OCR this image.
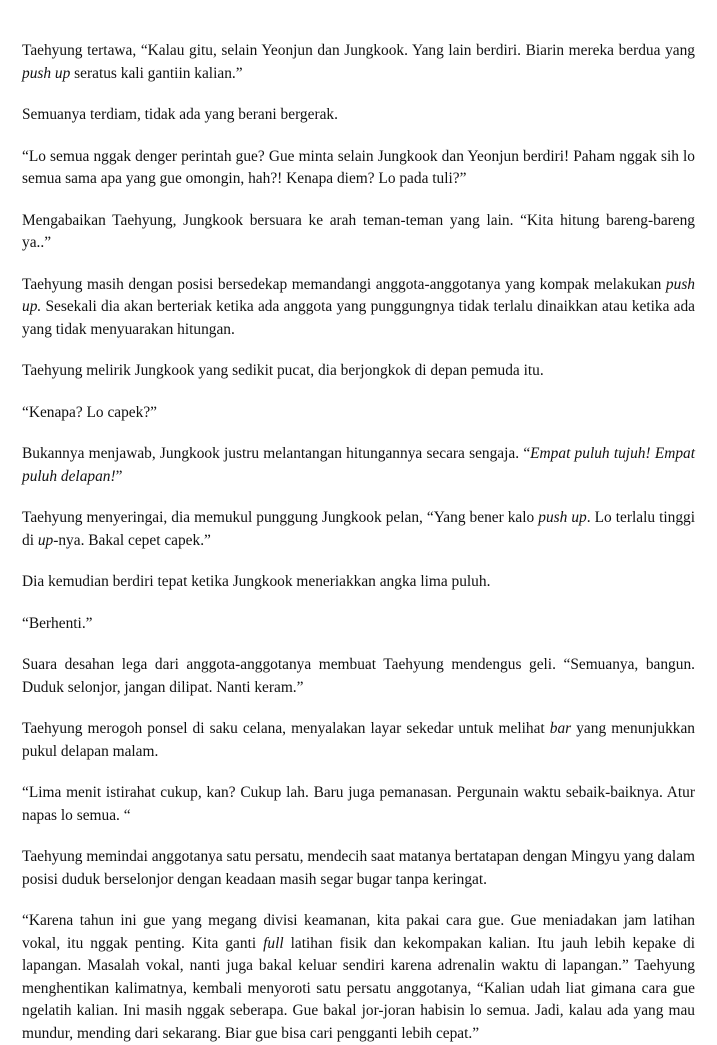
Taehyung tertawa, “Kalau gitu, selain Yeonjun dan Jungkook. Yang lain berdiri. Biarin mereka berdua yang push up seratus kali gantiin kalian.”

Semuanya terdiam, tidak ada yang berani bergerak.

“Lo semua nggak denger perintah gue? Gue minta selain Jungkook dan Yeonjun berdiri! Paham nggak sih lo semua sama apa yang gue omongin, hah?! Kenapa diem? Lo pada tuli?”

Mengabaikan Taehyung, Jungkook bersuara ke arah teman-teman yang lain. “Kita hitung bareng-bareng ya..”

Taehyung masih dengan posisi bersedekap memandangi anggota-anggotanya yang kompak melakukan push up. Sesekali dia akan berteriak ketika ada anggota yang punggungnya tidak terlalu dinaikkan atau ketika ada yang tidak menyuarakan hitungan.

Taehyung melirik Jungkook yang sedikit pucat, dia berjongkok di depan pemuda itu.

“Kenapa? Lo capek?”

Bukannya menjawab, Jungkook justru melantangan hitungannya secara sengaja. “Empat puluh tujuh! Empat puluh delapan!”

Taehyung menyeringai, dia memukul punggung Jungkook pelan, “Yang bener kalo push up. Lo terlalu tinggi di up-nya. Bakal cepet capek.”

Dia kemudian berdiri tepat ketika Jungkook meneriakkan angka lima puluh.

“Berhenti.”

Suara desahan lega dari anggota-anggotanya membuat Taehyung mendengus geli. “Semuanya, bangun. Duduk selonjor, jangan dilipat. Nanti keram.”

Taehyung merogoh ponsel di saku celana, menyalakan layar sekedar untuk melihat bar yang menunjukkan pukul delapan malam.

“Lima menit istirahat cukup, kan? Cukup lah. Baru juga pemanasan. Pergunain waktu sebaik-baiknya. Atur napas lo semua. “

Taehyung memindai anggotanya satu persatu, mendecih saat matanya bertatapan dengan Mingyu yang dalam posisi duduk berselonjor dengan keadaan masih segar bugar tanpa keringat.

“Karena tahun ini gue yang megang divisi keamanan, kita pakai cara gue. Gue meniadakan jam latihan vokal, itu nggak penting. Kita ganti full latihan fisik dan kekompakan kalian. Itu jauh lebih kepake di lapangan. Masalah vokal, nanti juga bakal keluar sendiri karena adrenalin waktu di lapangan.” Taehyung menghentikan kalimatnya, kembali menyoroti satu persatu anggotanya, “Kalian udah liat gimana cara gue ngelatih kalian. Ini masih nggak seberapa. Gue bakal jor-joran habisin lo semua. Jadi, kalau ada yang mau mundur, mending dari sekarang. Biar gue bisa cari pengganti lebih cepat.”
